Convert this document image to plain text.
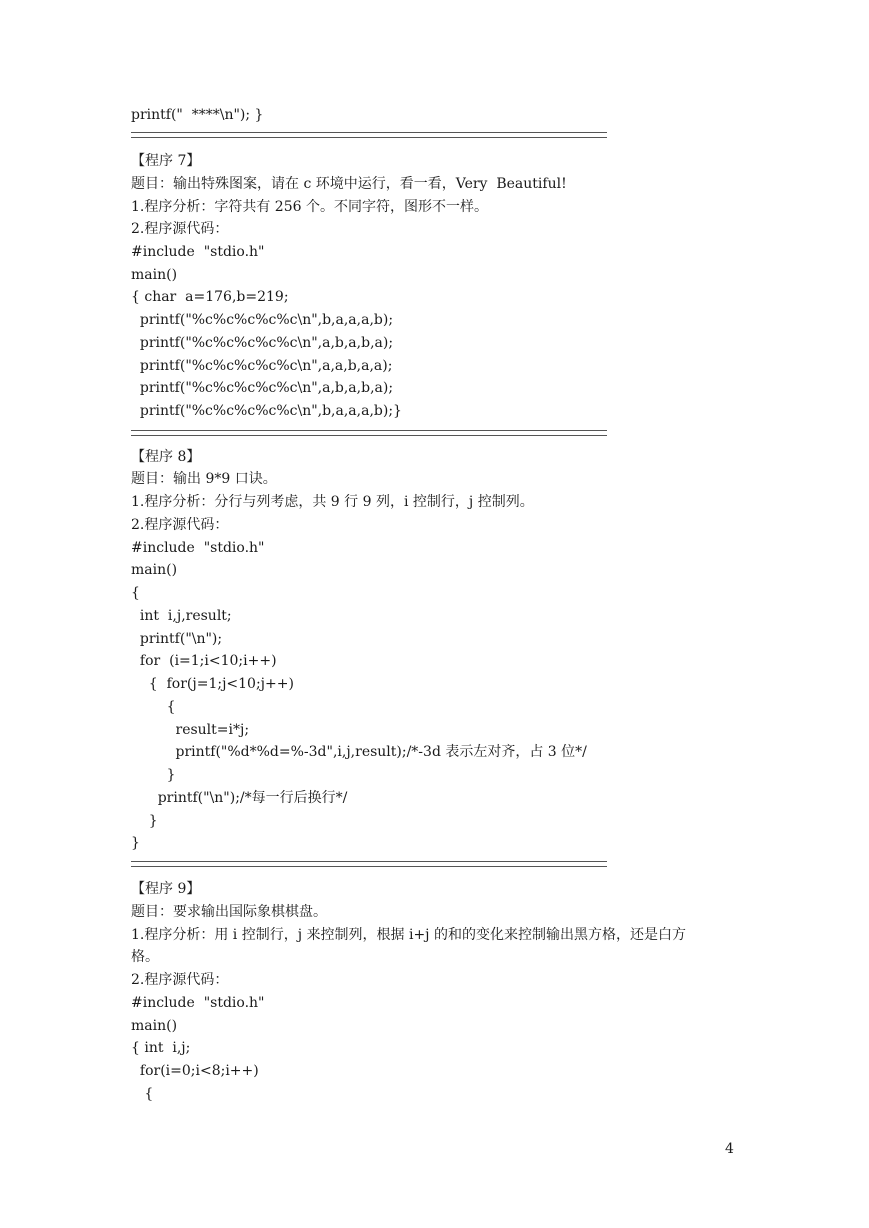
printf("  ****\n"); }
【程序 7】
题目：输出特殊图案，请在 c 环境中运行，看一看，Very  Beautiful!
1.程序分析：字符共有 256 个。不同字符，图形不一样。
2.程序源代码：
#include  "stdio.h"
main()
{ char  a=176,b=219;
printf("%c%c%c%c%c\n",b,a,a,a,b);
printf("%c%c%c%c%c\n",a,b,a,b,a);
printf("%c%c%c%c%c\n",a,a,b,a,a);
printf("%c%c%c%c%c\n",a,b,a,b,a);
printf("%c%c%c%c%c\n",b,a,a,a,b);}
【程序 8】
题目：输出 9*9 口诀。
1.程序分析：分行与列考虑，共 9 行 9 列，i 控制行，j 控制列。
2.程序源代码：
#include  "stdio.h"
main()
{
int  i,j,result;
printf("\n");
for  (i=1;i<10;i++)
{  for(j=1;j<10;j++)
{
result=i*j;
printf("%d*%d=%-3d",i,j,result);/*-3d 表示左对齐，占 3 位*/
}
printf("\n");/*每一行后换行*/
}
}
【程序 9】
题目：要求输出国际象棋棋盘。
1.程序分析：用 i 控制行，j 来控制列，根据 i+j 的和的变化来控制输出黑方格，还是白方
格。
2.程序源代码：
#include  "stdio.h"
main()
{ int  i,j;
for(i=0;i<8;i++)
{
4
